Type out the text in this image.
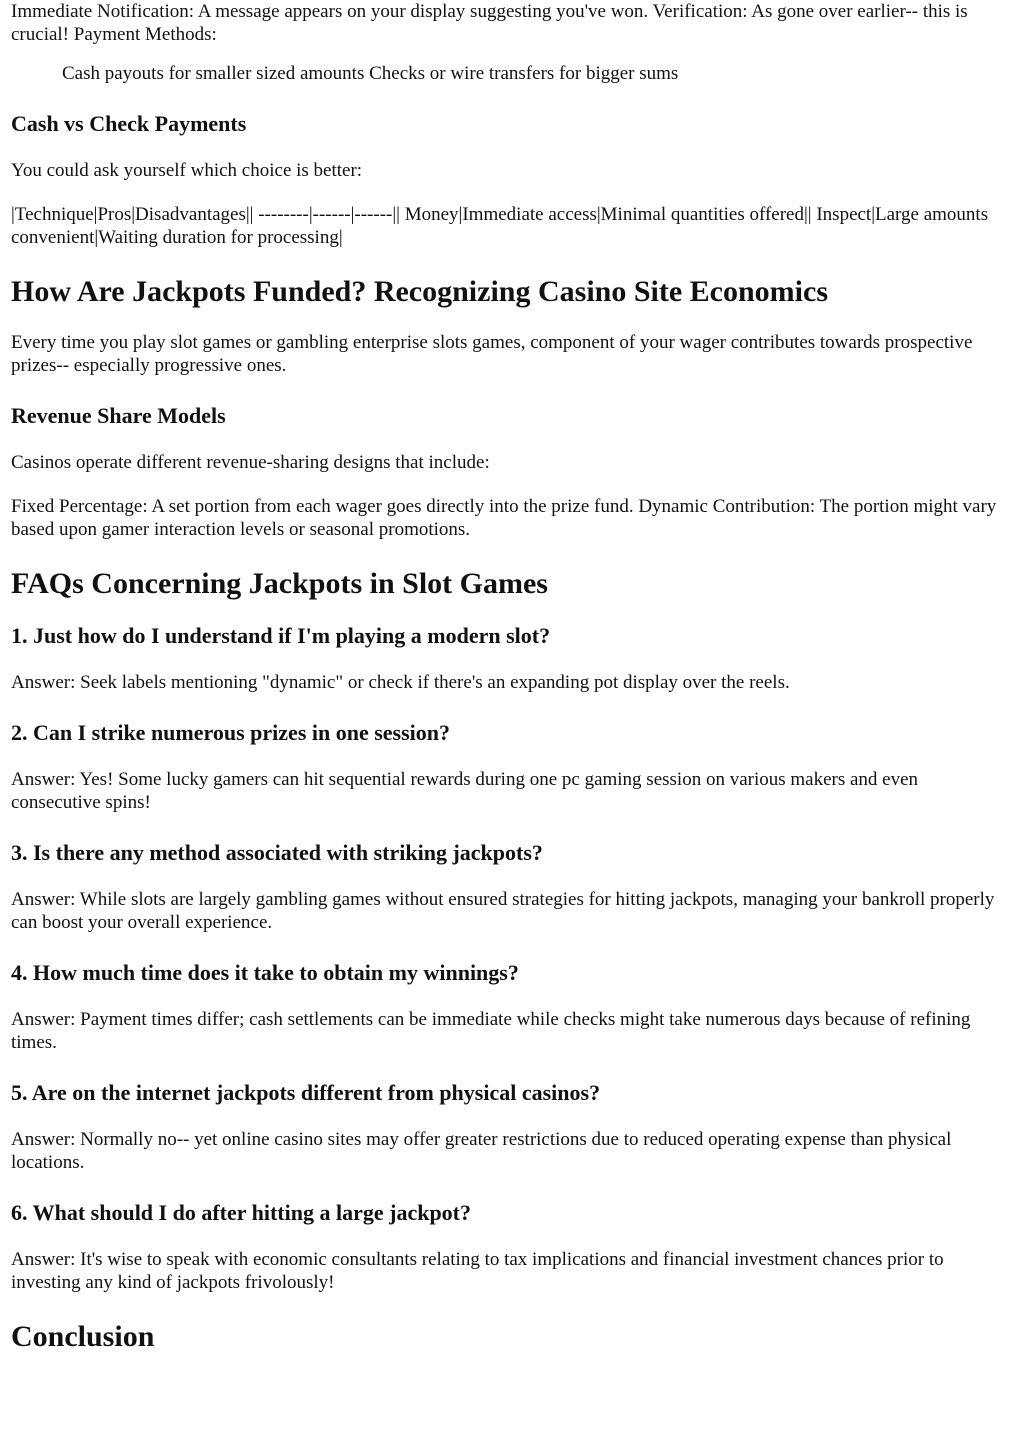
Immediate Notification: A message appears on your display suggesting you've won. Verification: As gone over earlier-- this is crucial! Payment Methods:

Cash payouts for smaller sized amounts Checks or wire transfers for bigger sums
Cash vs Check Payments

You could ask yourself which choice is better:

|Technique|Pros|Disadvantages|| --------|------|------|| Money|Immediate access|Minimal quantities offered|| Inspect|Large amounts convenient|Waiting duration for processing|

How Are Jackpots Funded? Recognizing Casino Site Economics

Every time you play slot games or gambling enterprise slots games, component of your wager contributes towards prospective prizes-- especially progressive ones.

Revenue Share Models

Casinos operate different revenue-sharing designs that include:

Fixed Percentage: A set portion from each wager goes directly into the prize fund. Dynamic Contribution: The portion might vary based upon gamer interaction levels or seasonal promotions.

FAQs Concerning Jackpots in Slot Games
1. Just how do I understand if I'm playing a modern slot?

Answer: Seek labels mentioning "dynamic" or check if there's an expanding pot display over the reels.

2. Can I strike numerous prizes in one session?

Answer: Yes! Some lucky gamers can hit sequential rewards during one pc gaming session on various makers and even consecutive spins!

3. Is there any method associated with striking jackpots?

Answer: While slots are largely gambling games without ensured strategies for hitting jackpots, managing your bankroll properly can boost your overall experience.

4. How much time does it take to obtain my winnings?

Answer: Payment times differ; cash settlements can be immediate while checks might take numerous days because of refining times.

5. Are on the internet jackpots different from physical casinos?

Answer: Normally no-- yet online casino sites may offer greater restrictions due to reduced operating expense than physical locations.

6. What should I do after hitting a large jackpot?

Answer: It's wise to speak with economic consultants relating to tax implications and financial investment chances prior to investing any kind of jackpots frivolously!

Conclusion
